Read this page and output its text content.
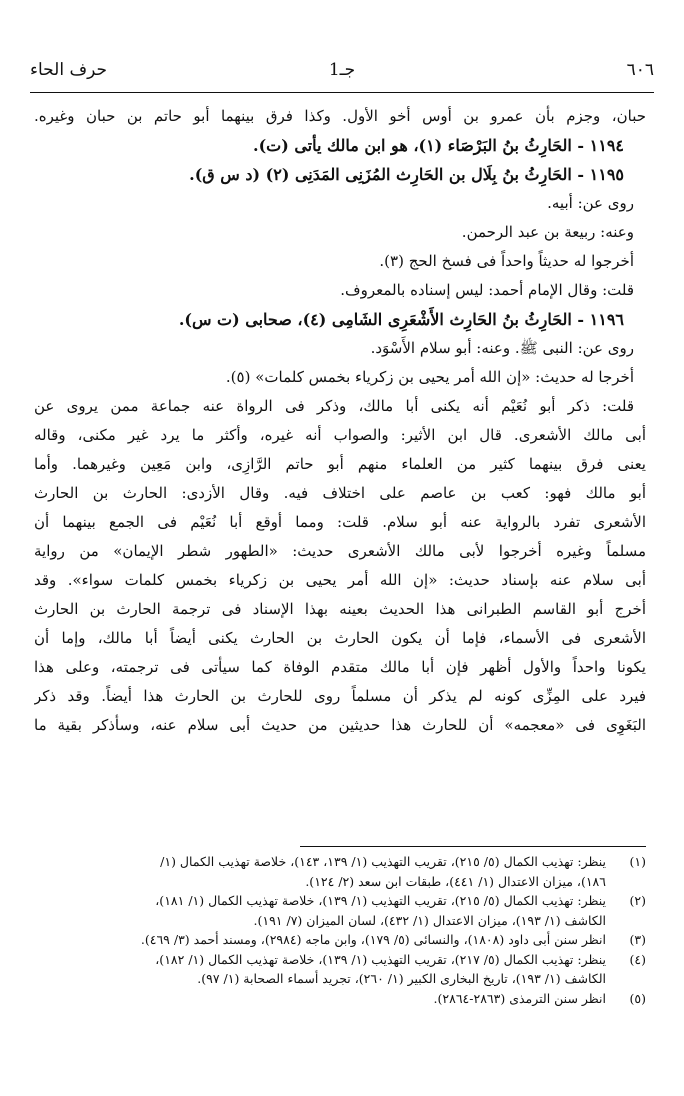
٦٠٦
جـ1
حرف الحاء
حبان، وجزم بأن عمرو بن أوس أخو الأول. وكذا فرق بينهما أبو حاتم بن حبان وغيره.
١١٩٤ - الحَارِثُ بنُ البَرْصَاء (١)، هو ابن مالك يأتى (ت).
١١٩٥ - الحَارِثُ بنُ بِلَال بن الحَارِث المُزَنِى المَدَنِى (٢) (د س ق).
روى عن: أبيه.
وعنه: ربيعة بن عبد الرحمن.
أخرجوا له حديثاً واحداً فى فسخ الحج (٣).
قلت: وقال الإمام أحمد: ليس إسناده بالمعروف.
١١٩٦ - الحَارِثُ بنُ الحَارِث الأَشْعَرِى الشَامِى (٤)، صحابى (ت س).
روى عن: النبى ﷺ. وعنه: أبو سلام الأَسْوَد.
أخرجا له حديث: «إن الله أمر يحيى بن زكرياء بخمس كلمات» (٥).
قلت: ذكر أبو نُعَيْم أنه يكنى أبا مالك، وذكر فى الرواة عنه جماعة ممن يروى عن
أبى مالك الأشعرى. قال ابن الأثير: والصواب أنه غيره، وأكثر ما يرد غير مكنى، وقاله
يعنى فرق بينهما كثير من العلماء منهم أبو حاتم الرَّازِى، وابن مَعِين وغيرهما. وأما
أبو مالك فهو: كعب بن عاصم على اختلاف فيه. وقال الأزدى: الحارث بن الحارث
الأشعرى تفرد بالرواية عنه أبو سلام. قلت: ومما أوقع أبا نُعَيْم فى الجمع بينهما أن
مسلماً وغيره أخرجوا لأبى مالك الأشعرى حديث: «الطهور شطر الإيمان» من رواية
أبى سلام عنه بإسناد حديث: «إن الله أمر يحيى بن زكرياء بخمس كلمات سواء». وقد
أخرج أبو القاسم الطبرانى هذا الحديث بعينه بهذا الإسناد فى ترجمة الحارث بن الحارث
الأشعرى فى الأسماء، فإما أن يكون الحارث بن الحارث يكنى أيضاً أبا مالك، وإما أن
يكونا واحداً والأول أظهر فإن أبا مالك متقدم الوفاة كما سيأتى فى ترجمته، وعلى هذا
فيرد على المِزِّى كونه لم يذكر أن مسلماً روى للحارث بن الحارث هذا أيضاً. وقد ذكر
البَغَوِى فى «معجمه» أن للحارث هذا حديثين من حديث أبى سلام عنه، وسأذكر بقية ما
(١)ينظر: تهذيب الكمال (٥/ ٢١٥)، تقريب التهذيب (١/ ١٣٩، ١٤٣)، خلاصة تهذيب الكمال (١/
١٨٦)، ميزان الاعتدال (١/ ٤٤١)، طبقات ابن سعد (٢/ ١٢٤).
(٢)ينظر: تهذيب الكمال (٥/ ٢١٥)، تقريب التهذيب (١/ ١٣٩)، خلاصة تهذيب الكمال (١/ ١٨١)،
الكاشف (١/ ١٩٣)، ميزان الاعتدال (١/ ٤٣٢)، لسان الميزان (٧/ ١٩١).
(٣)انظر سنن أبى داود (١٨٠٨)، والنسائى (٥/ ١٧٩)، وابن ماجه (٢٩٨٤)، ومسند أحمد (٣/ ٤٦٩).
(٤)ينظر: تهذيب الكمال (٥/ ٢١٧)، تقريب التهذيب (١/ ١٣٩)، خلاصة تهذيب الكمال (١/ ١٨٢)،
الكاشف (١/ ١٩٣)، تاريخ البخارى الكبير (١/ ٢٦٠)، تجريد أسماء الصحابة (١/ ٩٧).
(٥)انظر سنن الترمذى (٢٨٦٣-٢٨٦٤).
